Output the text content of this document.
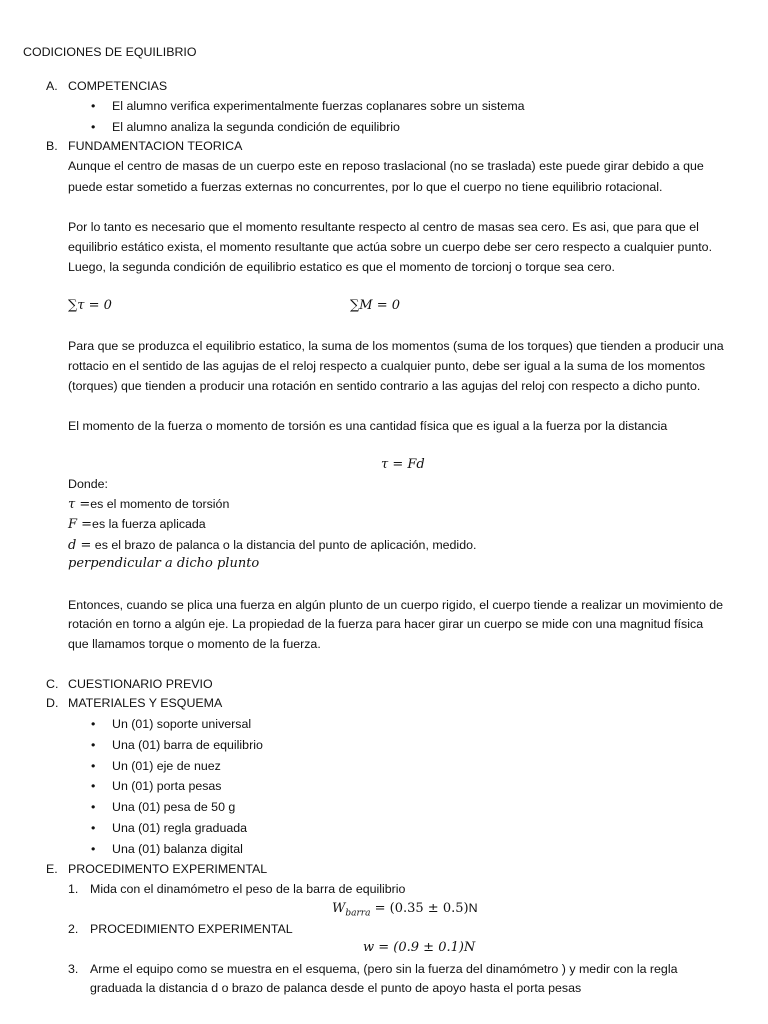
CODICIONES DE EQUILIBRIO
A. COMPETENCIAS
• El alumno verifica experimentalmente fuerzas coplanares sobre un sistema
• El alumno analiza la segunda condición de equilibrio
B. FUNDAMENTACION TEORICA
Aunque el centro de masas de un cuerpo este en reposo traslacional (no se traslada) este puede girar debido a que
puede estar sometido a fuerzas externas no concurrentes, por lo que el cuerpo no tiene equilibrio rotacional.
Por lo tanto es necesario que el momento resultante respecto al centro de masas sea cero. Es asi, que para que el
equilibrio estático exista, el momento resultante que actúa sobre un cuerpo debe ser cero respecto a cualquier punto.
Luego, la segunda condición de equilibrio estatico es que el momento de torcionj o torque sea cero.
∑τ = 0	∑M = 0
Para que se produzca el equilibrio estatico, la suma de los momentos (suma de los torques) que tienden a producir una
rottacio en el sentido de las agujas de el reloj respecto a cualquier punto, debe ser igual a la suma de los momentos
(torques) que tienden a producir una rotación en sentido contrario a las agujas del reloj con respecto a dicho punto.
El momento de la fuerza o momento de torsión es una cantidad física que es igual a la fuerza por la distancia
τ = Fd
Donde:
τ =es el momento de torsión
F =es la fuerza aplicada
d = es el brazo de palanca o la distancia del punto de aplicación, medido.
perpendicular a dicho plunto
Entonces, cuando se plica una fuerza en algún plunto de un cuerpo rigido, el cuerpo tiende a realizar un movimiento de
rotación en torno a algún eje. La propiedad de la fuerza para hacer girar un cuerpo se mide con una magnitud física
que llamamos torque o momento de la fuerza.
C. CUESTIONARIO PREVIO
D. MATERIALES Y ESQUEMA
• Un (01) soporte universal
• Una (01) barra de equilibrio
• Un (01) eje de nuez
• Un (01) porta pesas
• Una (01) pesa de 50 g
• Una (01) regla graduada
• Una (01) balanza digital
E. PROCEDIMENTO EXPERIMENTAL
1. Mida con el dinamómetro el peso de la barra de equilibrio
$W_{barra} = (0.35 \pm 0.5)N$
2. PROCEDIMIENTO EXPERIMENTAL
w = (0.9 ± 0.1)N
3. Arme el equipo como se muestra en el esquema, (pero sin la fuerza del dinamómetro ) y medir con la regla
graduada la distancia d o brazo de palanca desde el punto de apoyo hasta el porta pesas
